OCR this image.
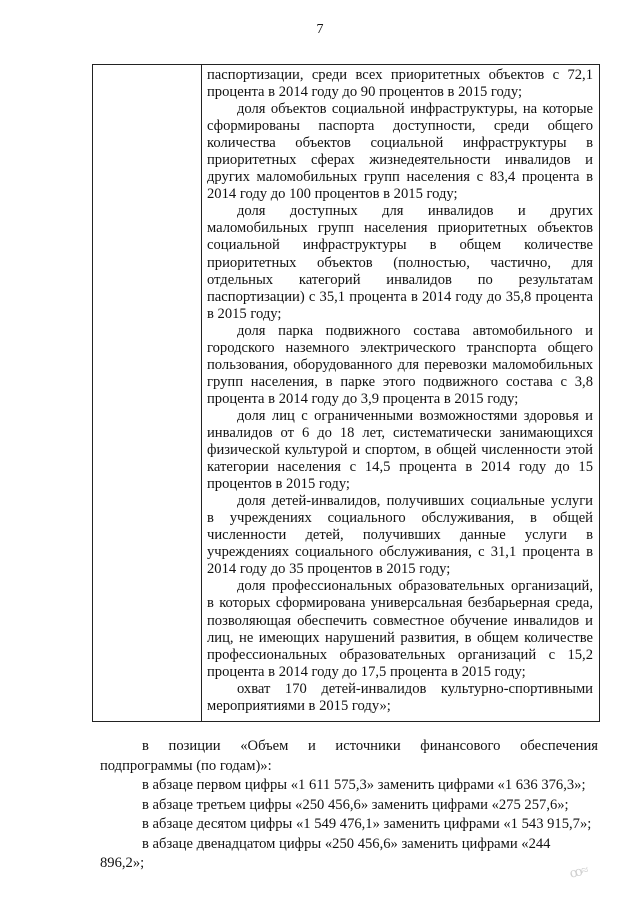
7

паспортизации, среди всех приоритетных объектов с 72,1 процента в 2014 году до 90 процентов в 2015 году;

доля объектов социальной инфраструктуры, на которые сформированы паспорта доступности, среди общего количества объектов социальной инфраструктуры в приоритетных сферах жизнедеятельности инвалидов и других маломобильных групп населения с 83,4 процента в 2014 году до 100 процентов в 2015 году;

доля доступных для инвалидов и других маломобильных групп населения приоритетных объектов социальной инфраструктуры в общем количестве приоритетных объектов (полностью, частично, для отдельных категорий инвалидов по результатам паспортизации) с 35,1 процента в 2014 году до 35,8 процента в 2015 году;

доля парка подвижного состава автомобильного и городского наземного электрического транспорта общего пользования, оборудованного для перевозки маломобильных групп населения, в парке этого подвижного состава с 3,8 процента в 2014 году до 3,9 процента в 2015 году;

доля лиц с ограниченными возможностями здоровья и инвалидов от 6 до 18 лет, систематически занимающихся физической культурой и спортом, в общей численности этой категории населения с 14,5 процента в 2014 году до 15 процентов в 2015 году;

доля детей-инвалидов, получивших социальные услуги в учреждениях социального обслуживания, в общей численности детей, получивших данные услуги в учреждениях социального обслуживания, с 31,1 процента в 2014 году до 35 процентов в 2015 году;

доля профессиональных образовательных организаций, в которых сформирована универсальная безбарьерная среда, позволяющая обеспечить совместное обучение инвалидов и лиц, не имеющих нарушений развития, в общем количестве профессиональных образовательных организаций с 15,2 процента в 2014 году до 17,5 процента в 2015 году;

охват 170 детей-инвалидов культурно-спортивными мероприятиями в 2015 году»;

в позиции «Объем и источники финансового обеспечения подпрограммы (по годам)»:

в абзаце первом цифры «1 611 575,3» заменить цифрами «1 636 376,3»;

в абзаце третьем цифры «250 456,6» заменить цифрами «275 257,6»;

в абзаце десятом цифры «1 549 476,1» заменить цифрами «1 543 915,7»;

в абзаце двенадцатом цифры «250 456,6» заменить цифрами «244 896,2»;	ꝏ≈
